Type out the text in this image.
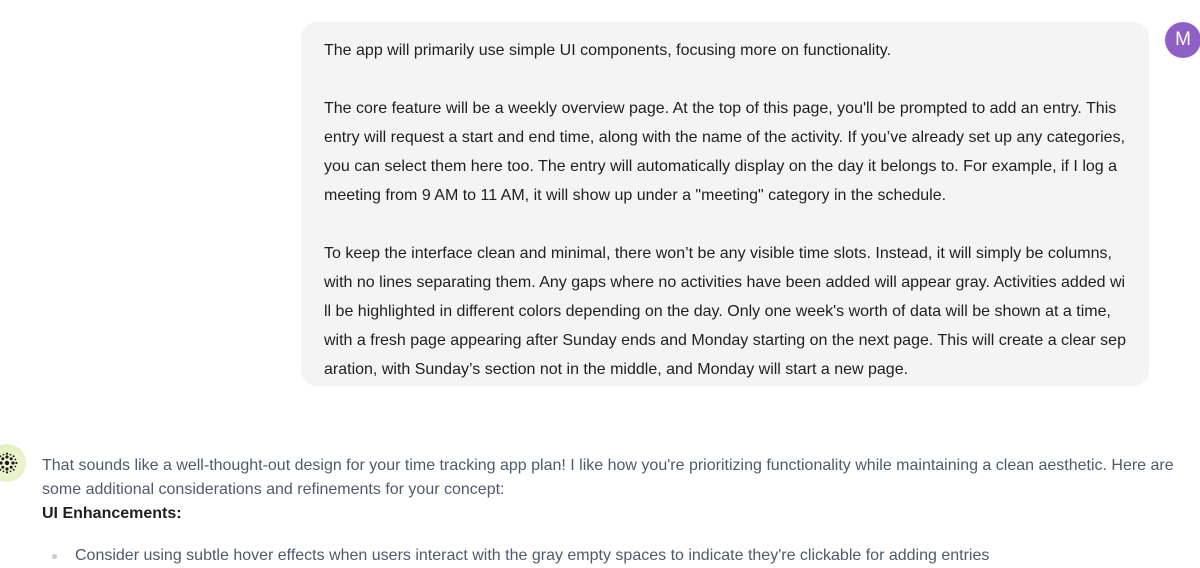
The app will primarily use simple UI components, focusing more on functionality.

The core feature will be a weekly overview page. At the top of this page, you'll be prompted to add an entry. This entry will request a start and end time, along with the name of the activity. If you’ve already set up any categories, you can select them here too. The entry will automatically display on the day it belongs to. For example, if I log a meeting from 9 AM to 11 AM, it will show up under a "meeting" category in the schedule.

To keep the interface clean and minimal, there won’t be any visible time slots. Instead, it will simply be columns, with no lines separating them. Any gaps where no activities have been added will appear gray. Activities added will be highlighted in different colors depending on the day. Only one week's worth of data will be shown at a time, with a fresh page appearing after Sunday ends and Monday starting on the next page. This will create a clear separation, with Sunday’s section not in the middle, and Monday will start a new page.

M

That sounds like a well-thought-out design for your time tracking app plan! I like how you're prioritizing functionality while maintaining a clean aesthetic. Here are some additional considerations and refinements for your concept:

UI Enhancements:

Consider using subtle hover effects when users interact with the gray empty spaces to indicate they're clickable for adding entries
